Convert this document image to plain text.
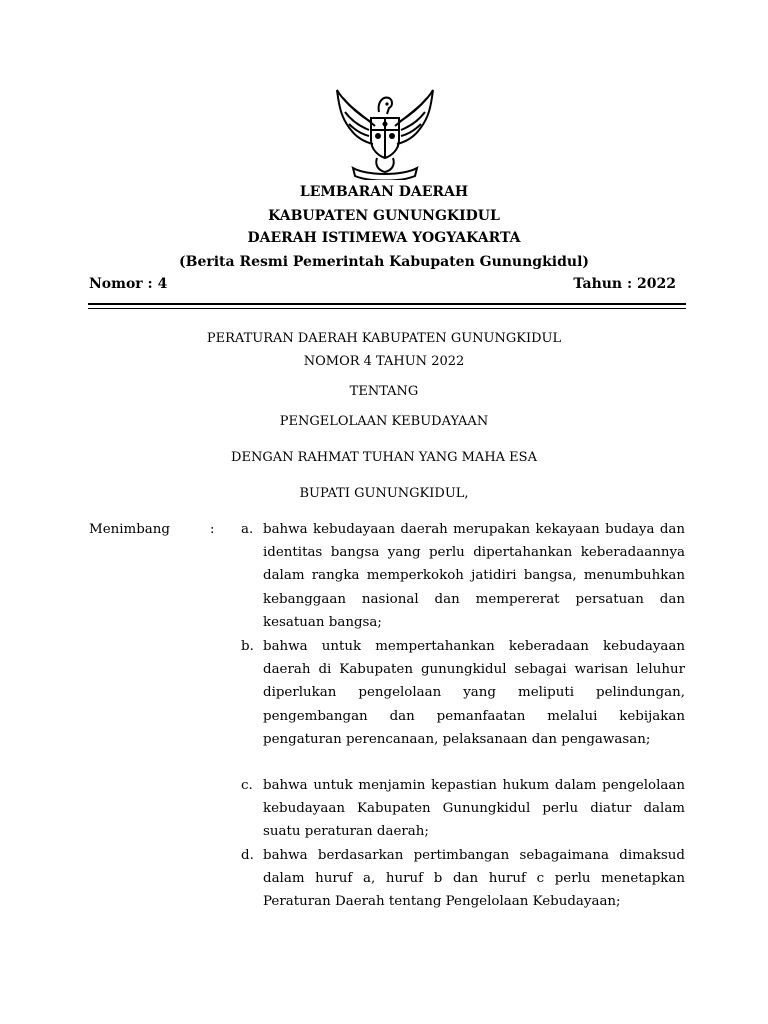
LEMBARAN DAERAH
KABUPATEN GUNUNGKIDUL
DAERAH ISTIMEWA YOGYAKARTA
(Berita Resmi Pemerintah Kabupaten Gunungkidul)
Nomor : 4	Tahun : 2022
PERATURAN DAERAH KABUPATEN GUNUNGKIDUL
NOMOR 4 TAHUN 2022
TENTANG
PENGELOLAAN KEBUDAYAAN
DENGAN RAHMAT TUHAN YANG MAHA ESA
BUPATI GUNUNGKIDUL,
Menimbang	: a. bahwa kebudayaan daerah merupakan kekayaan budaya dan identitas bangsa yang perlu dipertahankan keberadaannya dalam rangka memperkokoh jatidiri bangsa, menumbuhkan kebanggaan nasional dan mempererat persatuan dan kesatuan bangsa;
b. bahwa untuk mempertahankan keberadaan kebudayaan daerah di Kabupaten gunungkidul sebagai warisan leluhur diperlukan pengelolaan yang meliputi pelindungan, pengembangan dan pemanfaatan melalui kebijakan pengaturan perencanaan, pelaksanaan dan pengawasan;
c. bahwa untuk menjamin kepastian hukum dalam pengelolaan kebudayaan Kabupaten Gunungkidul perlu diatur dalam suatu peraturan daerah;
d. bahwa berdasarkan pertimbangan sebagaimana dimaksud dalam huruf a, huruf b dan huruf c perlu menetapkan Peraturan Daerah tentang Pengelolaan Kebudayaan;
